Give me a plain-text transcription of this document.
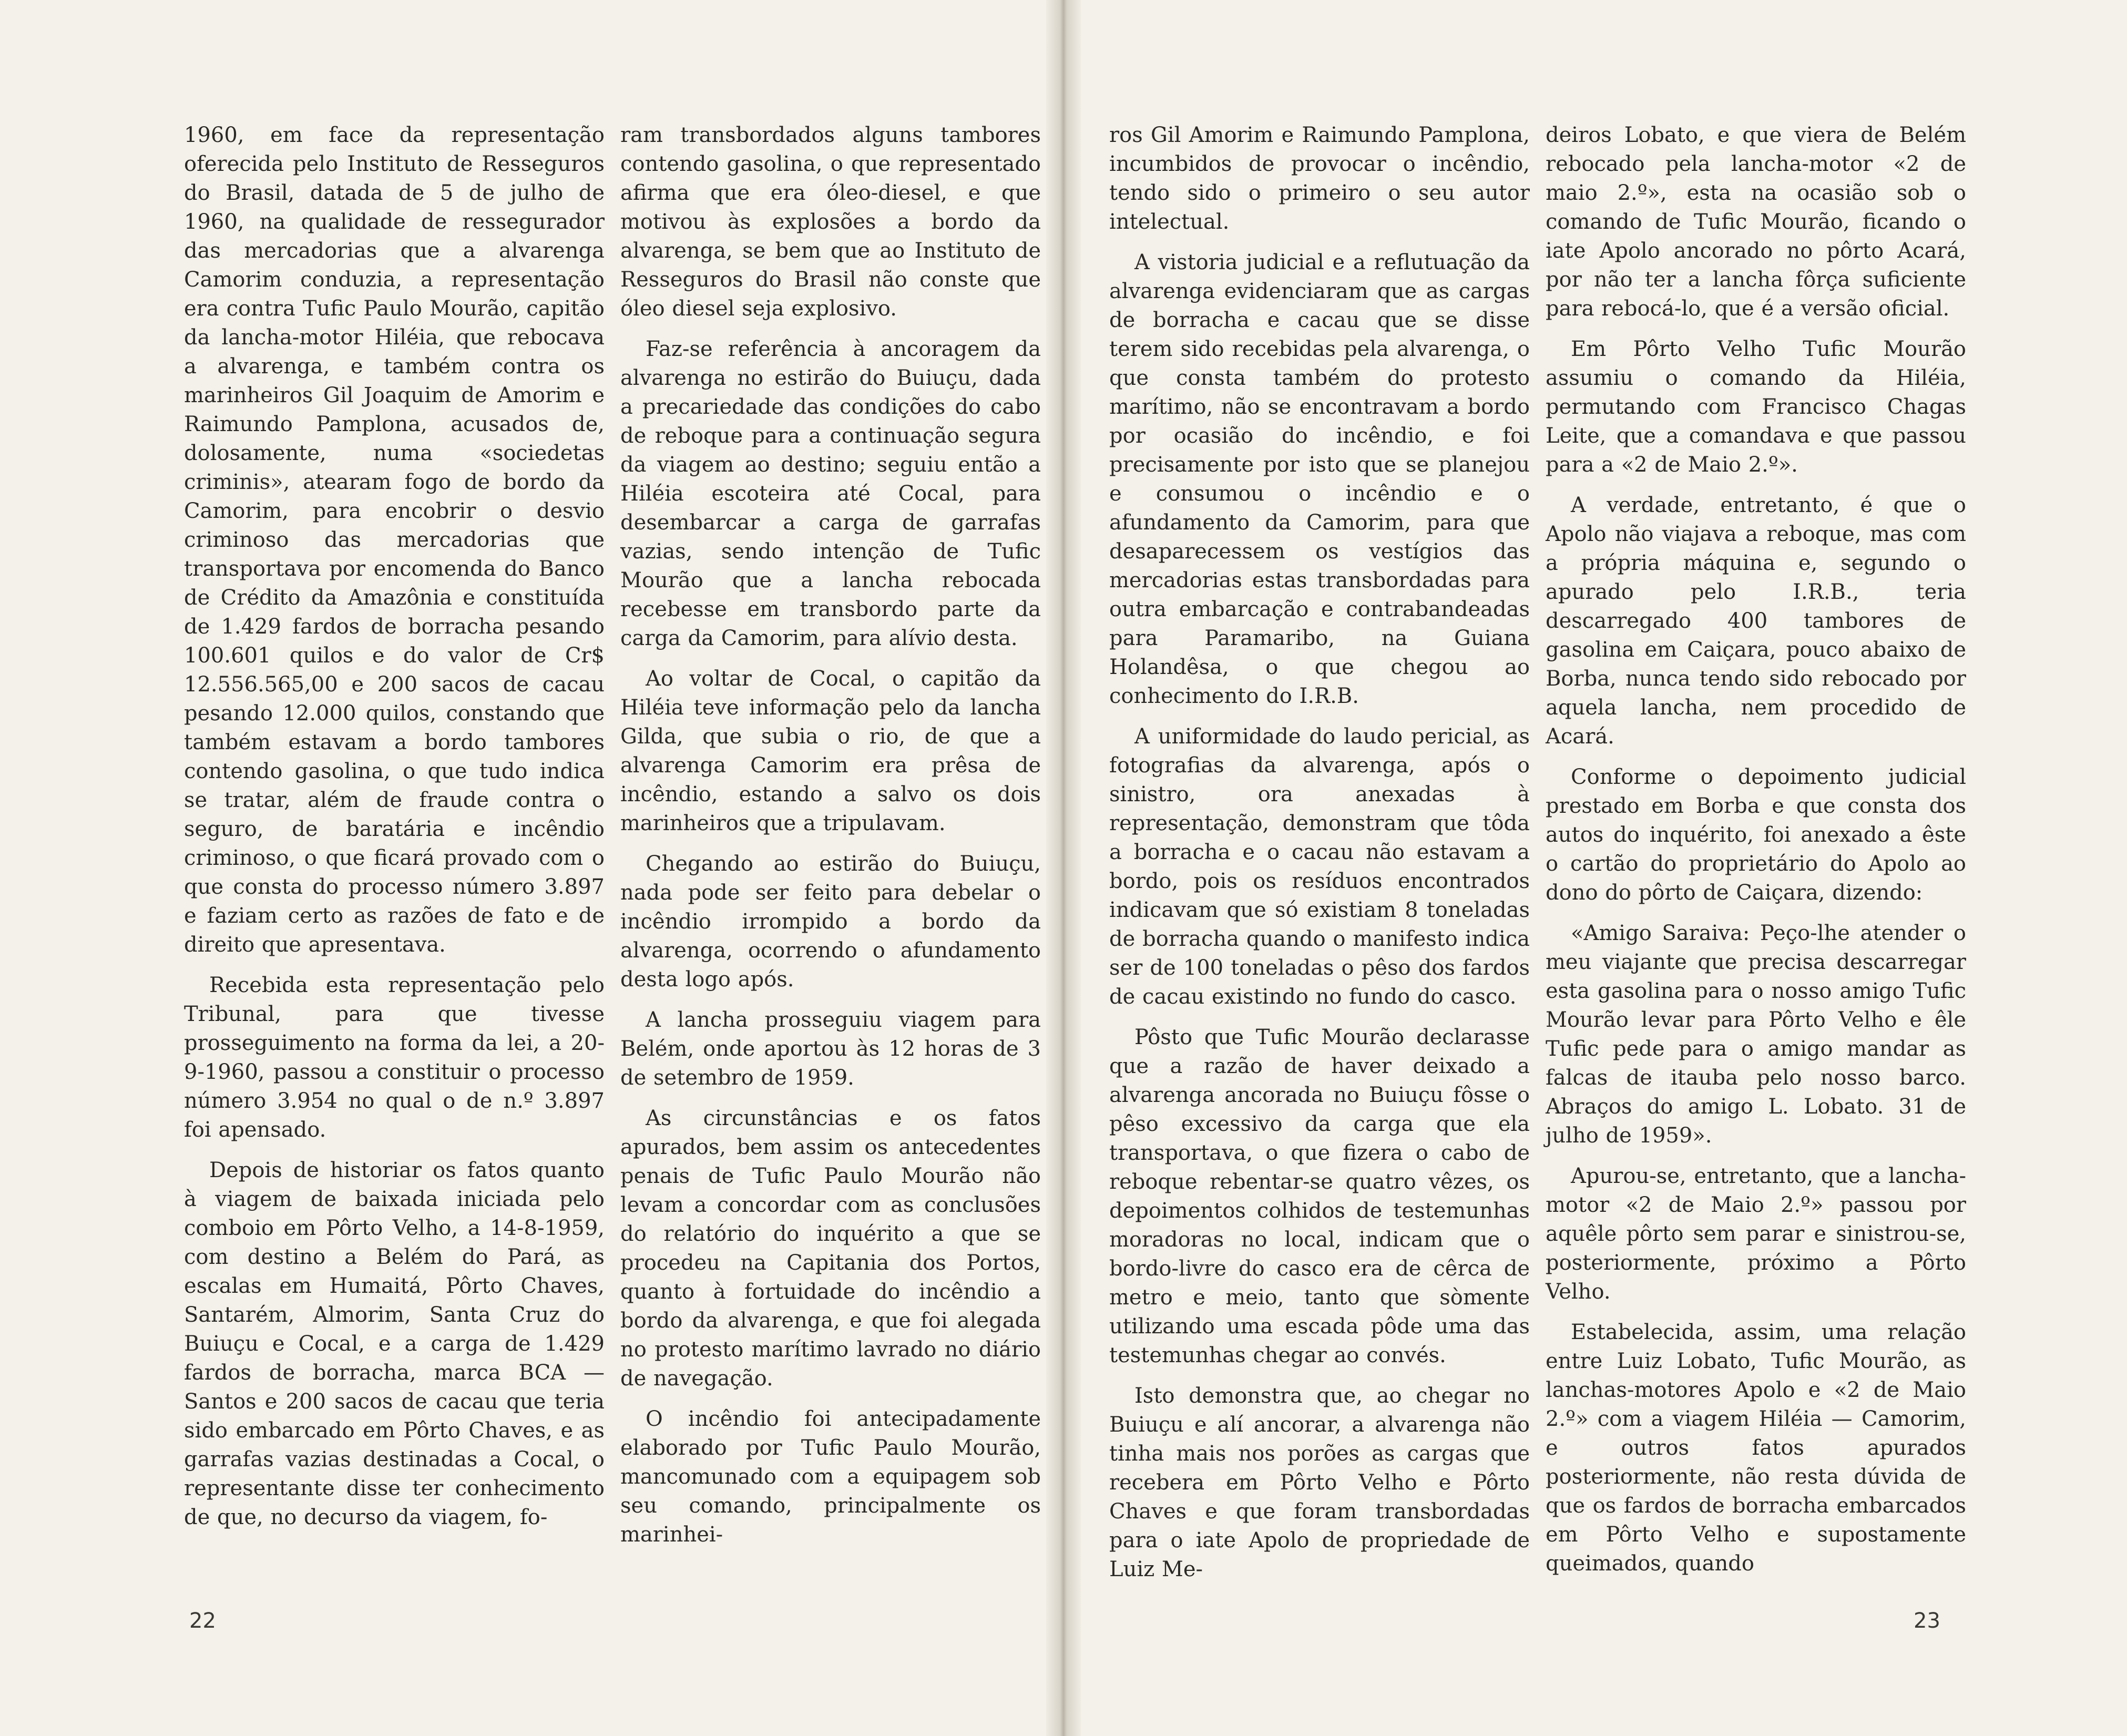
1960, em face da representação oferecida pelo Instituto de Resseguros do Brasil, datada de 5 de julho de 1960, na qualidade de ressegurador das mercadorias que a alvarenga Camorim conduzia, a representação era contra Tufic Paulo Mourão, capitão da lancha-motor Hiléia, que rebocava a alvarenga, e também contra os marinheiros Gil Joaquim de Amorim e Raimundo Pamplona, acusados de, dolosamente, numa «sociedetas criminis», atearam fogo de bordo da Camorim, para encobrir o desvio criminoso das mercadorias que transportava por encomenda do Banco de Crédito da Amazônia e constituída de 1.429 fardos de borracha pesando 100.601 quilos e do valor de Cr$ 12.556.565,00 e 200 sacos de cacau pesando 12.000 quilos, constando que também estavam a bordo tambores contendo gasolina, o que tudo indica se tratar, além de fraude contra o seguro, de baratária e incêndio criminoso, o que ficará provado com o que consta do processo número 3.897 e faziam certo as razões de fato e de direito que apresentava.

Recebida esta representação pelo Tribunal, para que tivesse prosseguimento na forma da lei, a 20-9-1960, passou a constituir o processo número 3.954 no qual o de n.º 3.897 foi apensado.

Depois de historiar os fatos quanto à viagem de baixada iniciada pelo comboio em Pôrto Velho, a 14-8-1959, com destino a Belém do Pará, as escalas em Humaitá, Pôrto Chaves, Santarém, Almorim, Santa Cruz do Buiuçu e Cocal, e a carga de 1.429 fardos de borracha, marca BCA — Santos e 200 sacos de cacau que teria sido embarcado em Pôrto Chaves, e as garrafas vazias destinadas a Cocal, o representante disse ter conhecimento de que, no decurso da viagem, fo-

ram transbordados alguns tambores contendo gasolina, o que representado afirma que era óleo-diesel, e que motivou às explosões a bordo da alvarenga, se bem que ao Instituto de Resseguros do Brasil não conste que óleo diesel seja explosivo.

Faz-se referência à ancoragem da alvarenga no estirão do Buiuçu, dada a precariedade das condições do cabo de reboque para a continuação segura da viagem ao destino; seguiu então a Hiléia escoteira até Cocal, para desembarcar a carga de garrafas vazias, sendo intenção de Tufic Mourão que a lancha rebocada recebesse em transbordo parte da carga da Camorim, para alívio desta.

Ao voltar de Cocal, o capitão da Hiléia teve informação pelo da lancha Gilda, que subia o rio, de que a alvarenga Camorim era prêsa de incêndio, estando a salvo os dois marinheiros que a tripulavam.

Chegando ao estirão do Buiuçu, nada pode ser feito para debelar o incêndio irrompido a bordo da alvarenga, ocorrendo o afundamento desta logo após.

A lancha prosseguiu viagem para Belém, onde aportou às 12 horas de 3 de setembro de 1959.

As circunstâncias e os fatos apurados, bem assim os antecedentes penais de Tufic Paulo Mourão não levam a concordar com as conclusões do relatório do inquérito a que se procedeu na Capitania dos Portos, quanto à fortuidade do incêndio a bordo da alvarenga, e que foi alegada no protesto marítimo lavrado no diário de navegação.

O incêndio foi antecipadamente elaborado por Tufic Paulo Mourão, mancomunado com a equipagem sob seu comando, principalmente os marinhei-

22	23

ros Gil Amorim e Raimundo Pamplona, incumbidos de provocar o incêndio, tendo sido o primeiro o seu autor intelectual.

A vistoria judicial e a reflutuação da alvarenga evidenciaram que as cargas de borracha e cacau que se disse terem sido recebidas pela alvarenga, o que consta também do protesto marítimo, não se encontravam a bordo por ocasião do incêndio, e foi precisamente por isto que se planejou e consumou o incêndio e o afundamento da Camorim, para que desaparecessem os vestígios das mercadorias estas transbordadas para outra embarcação e contrabandeadas para Paramaribo, na Guiana Holandêsa, o que chegou ao conhecimento do I.R.B.

A uniformidade do laudo pericial, as fotografias da alvarenga, após o sinistro, ora anexadas à representação, demonstram que tôda a borracha e o cacau não estavam a bordo, pois os resíduos encontrados indicavam que só existiam 8 toneladas de borracha quando o manifesto indica ser de 100 toneladas o pêso dos fardos de cacau existindo no fundo do casco.

Pôsto que Tufic Mourão declarasse que a razão de haver deixado a alvarenga ancorada no Buiuçu fôsse o pêso excessivo da carga que ela transportava, o que fizera o cabo de reboque rebentar-se quatro vêzes, os depoimentos colhidos de testemunhas moradoras no local, indicam que o bordo-livre do casco era de cêrca de metro e meio, tanto que sòmente utilizando uma escada pôde uma das testemunhas chegar ao convés.

Isto demonstra que, ao chegar no Buiuçu e alí ancorar, a alvarenga não tinha mais nos porões as cargas que recebera em Pôrto Velho e Pôrto Chaves e que foram transbordadas para o iate Apolo de propriedade de Luiz Me-

deiros Lobato, e que viera de Belém rebocado pela lancha-motor «2 de maio 2.º», esta na ocasião sob o comando de Tufic Mourão, ficando o iate Apolo ancorado no pôrto Acará, por não ter a lancha fôrça suficiente para rebocá-lo, que é a versão oficial.

Em Pôrto Velho Tufic Mourão assumiu o comando da Hiléia, permutando com Francisco Chagas Leite, que a comandava e que passou para a «2 de Maio 2.º».

A verdade, entretanto, é que o Apolo não viajava a reboque, mas com a própria máquina e, segundo o apurado pelo I.R.B., teria descarregado 400 tambores de gasolina em Caiçara, pouco abaixo de Borba, nunca tendo sido rebocado por aquela lancha, nem procedido de Acará.

Conforme o depoimento judicial prestado em Borba e que consta dos autos do inquérito, foi anexado a êste o cartão do proprietário do Apolo ao dono do pôrto de Caiçara, dizendo:

«Amigo Saraiva: Peço-lhe atender o meu viajante que precisa descarregar esta gasolina para o nosso amigo Tufic Mourão levar para Pôrto Velho e êle Tufic pede para o amigo mandar as falcas de itauba pelo nosso barco. Abraços do amigo L. Lobato. 31 de julho de 1959».

Apurou-se, entretanto, que a lancha-motor «2 de Maio 2.º» passou por aquêle pôrto sem parar e sinistrou-se, posteriormente, próximo a Pôrto Velho.

Estabelecida, assim, uma relação entre Luiz Lobato, Tufic Mourão, as lanchas-motores Apolo e «2 de Maio 2.º» com a viagem Hiléia — Camorim, e outros fatos apurados posteriormente, não resta dúvida de que os fardos de borracha embarcados em Pôrto Velho e supostamente queimados, quando
